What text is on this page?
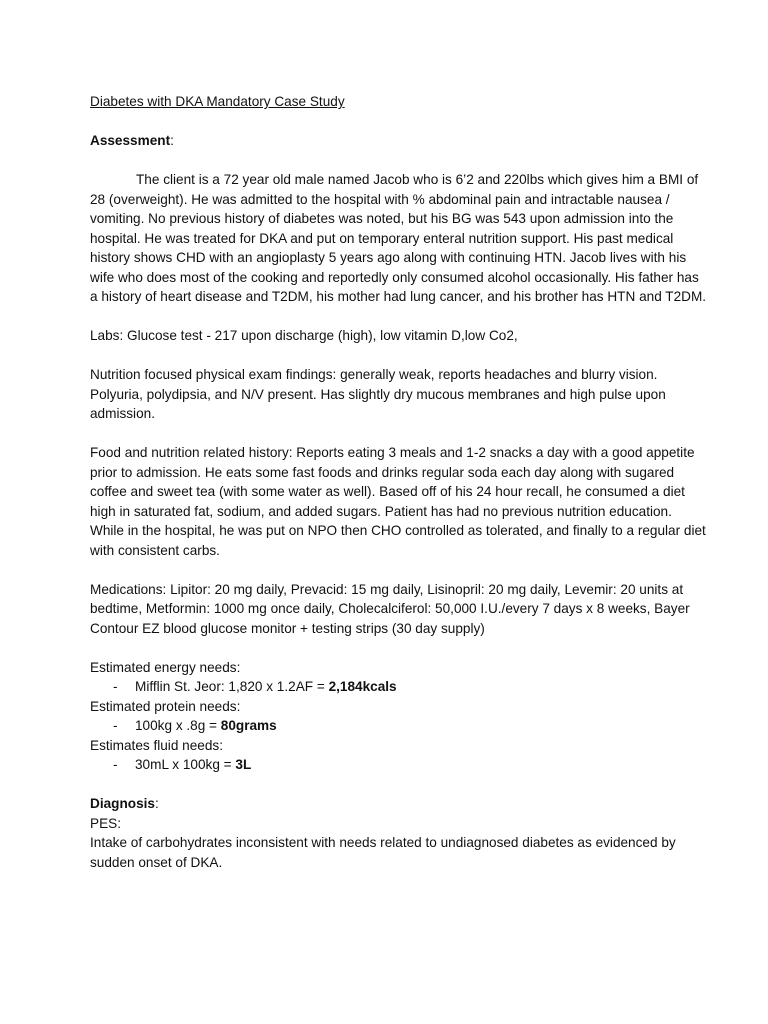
Diabetes with DKA Mandatory Case Study

Assessment:

The client is a 72 year old male named Jacob who is 6’2 and 220lbs which gives him a BMI of 28 (overweight). He was admitted to the hospital with % abdominal pain and intractable nausea / vomiting. No previous history of diabetes was noted, but his BG was 543 upon admission into the hospital. He was treated for DKA and put on temporary enteral nutrition support. His past medical history shows CHD with an angioplasty 5 years ago along with continuing HTN. Jacob lives with his wife who does most of the cooking and reportedly only consumed alcohol occasionally. His father has a history of heart disease and T2DM, his mother had lung cancer, and his brother has HTN and T2DM.

Labs: Glucose test - 217 upon discharge (high), low vitamin D,low Co2,

Nutrition focused physical exam findings: generally weak, reports headaches and blurry vision. Polyuria, polydipsia, and N/V present. Has slightly dry mucous membranes and high pulse upon admission.

Food and nutrition related history: Reports eating 3 meals and 1-2 snacks a day with a good appetite prior to admission. He eats some fast foods and drinks regular soda each day along with sugared coffee and sweet tea (with some water as well). Based off of his 24 hour recall, he consumed a diet high in saturated fat, sodium, and added sugars. Patient has had no previous nutrition education. While in the hospital, he was put on NPO then CHO controlled as tolerated, and finally to a regular diet with consistent carbs.

Medications: Lipitor: 20 mg daily, Prevacid: 15 mg daily, Lisinopril: 20 mg daily, Levemir: 20 units at bedtime, Metformin: 1000 mg once daily, Cholecalciferol: 50,000 I.U./every 7 days x 8 weeks, Bayer Contour EZ blood glucose monitor + testing strips (30 day supply)

Estimated energy needs:

-	Mifflin St. Jeor: 1,820 x 1.2AF = 2,184kcals

Estimated protein needs:

-	100kg x .8g = 80grams

Estimates fluid needs:

-	30mL x 100kg = 3L

Diagnosis:

PES:

Intake of carbohydrates inconsistent with needs related to undiagnosed diabetes as evidenced by sudden onset of DKA.
